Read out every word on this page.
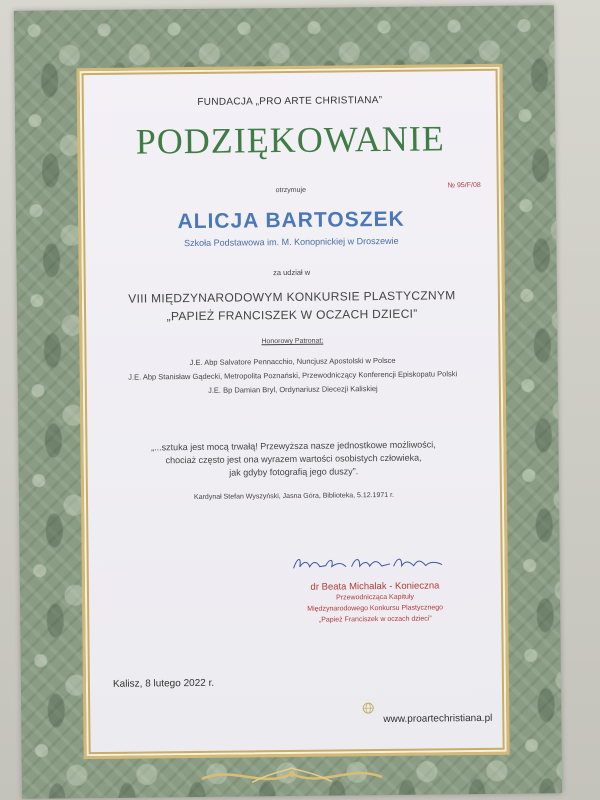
FUNDACJA „PRO ARTE CHRISTIANA”

PODZIĘKOWANIE

№ 95/F/08

otrzymuje

ALICJA BARTOSZEK

Szkoła Podstawowa im. M. Konopnickiej w Droszewie

za udział w

VIII MIĘDZYNARODOWYM KONKURSIE PLASTYCZNYM

„PAPIEŻ FRANCISZEK W OCZACH DZIECI”

Honorowy Patronat:

J.E. Abp Salvatore Pennacchio, Nuncjusz Apostolski w Polsce

J.E. Abp Stanisław Gądecki, Metropolita Poznański, Przewodniczący Konferencji Episkopatu Polski

J.E. Bp Damian Bryl, Ordynariusz Diecezji Kaliskiej

„...sztuka jest mocą trwałą! Przewyższa nasze jednostkowe możliwości,

chociaż często jest ona wyrazem wartości osobistych człowieka,

jak gdyby fotografią jego duszy”.

Kardynał Stefan Wyszyński, Jasna Góra, Biblioteka, 5.12.1971 r.

dr Beata Michalak - Konieczna

Przewodnicząca Kapituły

Międzynarodowego Konkursu Plastycznego

„Papież Franciszek w oczach dzieci”

Kalisz, 8 lutego 2022 r.

www.proartechristiana.pl
